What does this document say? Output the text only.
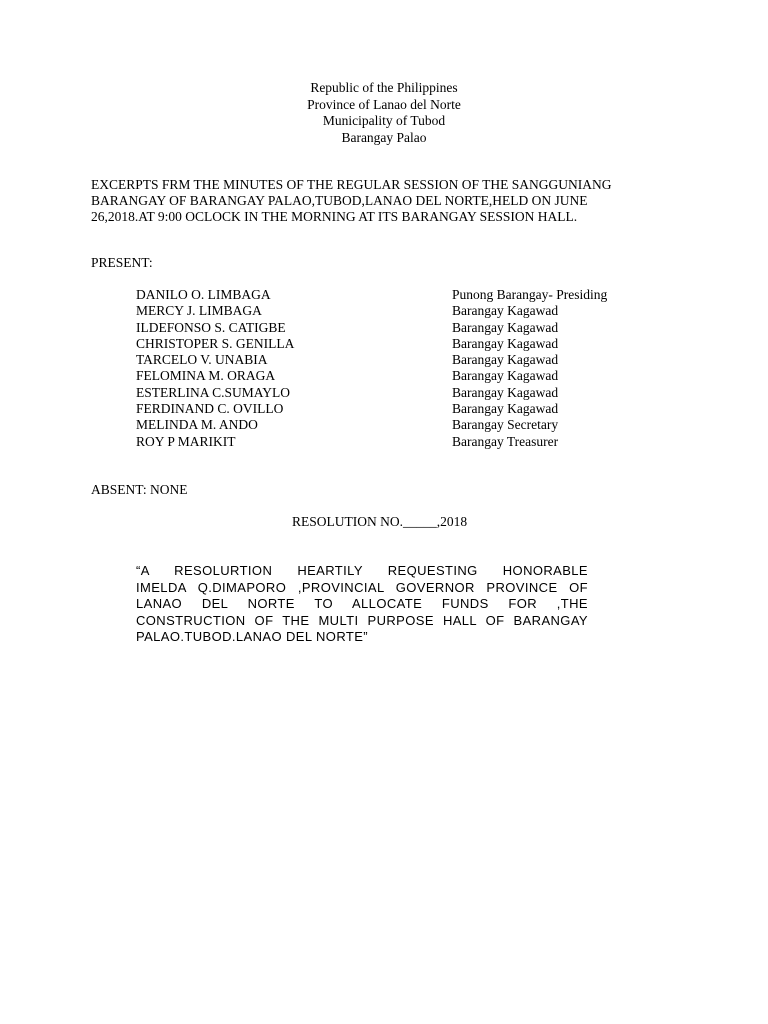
Republic of the Philippines
Province of Lanao del Norte
Municipality of Tubod
Barangay Palao
EXCERPTS FRM THE MINUTES OF THE REGULAR SESSION OF THE SANGGUNIANG
BARANGAY OF BARANGAY PALAO,TUBOD,LANAO DEL NORTE,HELD ON JUNE
26,2018.AT 9:00 OCLOCK IN THE MORNING AT ITS BARANGAY SESSION HALL.
PRESENT:
DANILO O. LIMBAGA	Punong Barangay- Presiding
MERCY J. LIMBAGA	Barangay Kagawad
ILDEFONSO S. CATIGBE	Barangay Kagawad
CHRISTOPER S. GENILLA	Barangay Kagawad
TARCELO V. UNABIA	Barangay Kagawad
FELOMINA M. ORAGA	Barangay Kagawad
ESTERLINA C.SUMAYLO	Barangay Kagawad
FERDINAND C. OVILLO	Barangay Kagawad
MELINDA M. ANDO	Barangay Secretary
ROY P MARIKIT	Barangay Treasurer
ABSENT: NONE
RESOLUTION NO._____,2018
“A RESOLURTION HEARTILY REQUESTING HONORABLE
IMELDA Q.DIMAPORO ,PROVINCIAL GOVERNOR PROVINCE OF
LANAO DEL NORTE TO ALLOCATE FUNDS FOR ,THE
CONSTRUCTION OF THE MULTI PURPOSE HALL OF BARANGAY
PALAO.TUBOD.LANAO DEL NORTE”
